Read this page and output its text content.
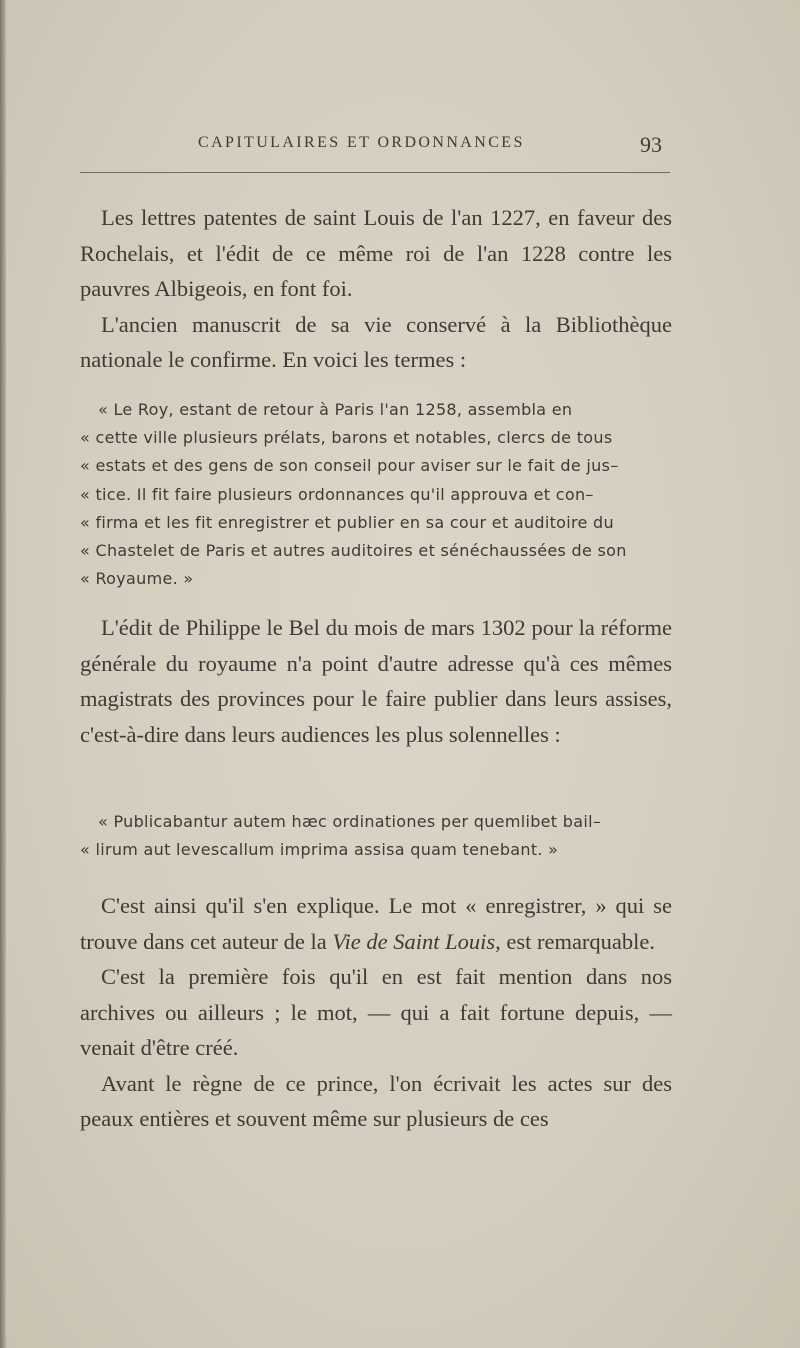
CAPITULAIRES ET ORDONNANCES	93

Les lettres patentes de saint Louis de l'an 1227, en faveur des Rochelais, et l'édit de ce même roi de l'an 1228 contre les pauvres Albigeois, en font foi.

L'ancien manuscrit de sa vie conservé à la Bibliothèque nationale le confirme. En voici les termes :

« Le Roy, estant de retour à Paris l'an 1258, assembla en
« cette ville plusieurs prélats, barons et notables, clercs de tous
« estats et des gens de son conseil pour aviser sur le fait de jus–
« tice. Il fit faire plusieurs ordonnances qu'il approuva et con–
« firma et les fit enregistrer et publier en sa cour et auditoire du
« Chastelet de Paris et autres auditoires et sénéchaussées de son
« Royaume. »

L'édit de Philippe le Bel du mois de mars 1302 pour la réforme générale du royaume n'a point d'autre adresse qu'à ces mêmes magistrats des provinces pour le faire publier dans leurs assises, c'est-à-dire dans leurs audiences les plus solennelles :

« Publicabantur autem hæc ordinationes per quemlibet bail–
« lirum aut levescallum imprima assisa quam tenebant. »

C'est ainsi qu'il s'en explique. Le mot « enregistrer, » qui se trouve dans cet auteur de la Vie de Saint Louis, est remarquable.

C'est la première fois qu'il en est fait mention dans nos archives ou ailleurs ; le mot, — qui a fait fortune depuis, — venait d'être créé.

Avant le règne de ce prince, l'on écrivait les actes sur des peaux entières et souvent même sur plusieurs de ces
